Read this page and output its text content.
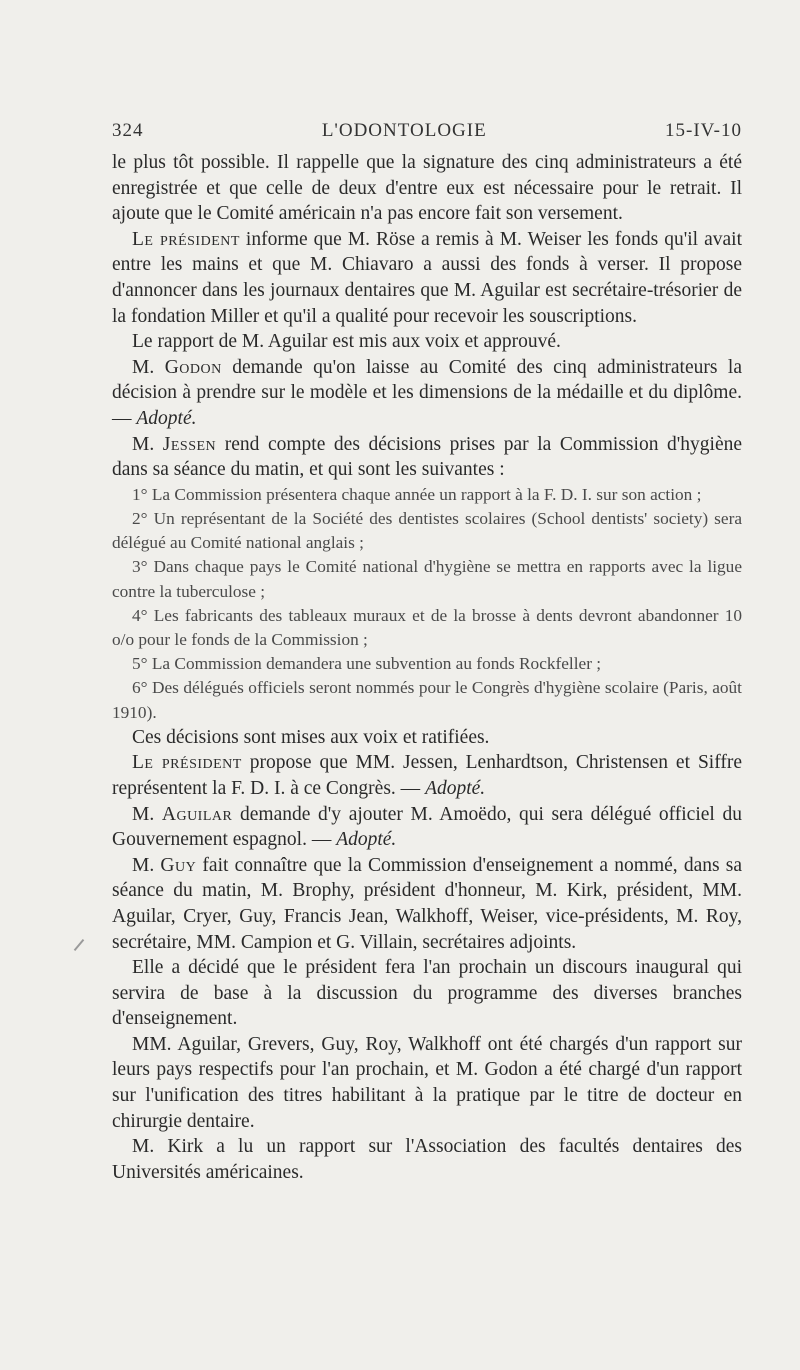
324	L'ODONTOLOGIE	15-IV-10

le plus tôt possible. Il rappelle que la signature des cinq administrateurs a été enregistrée et que celle de deux d'entre eux est nécessaire pour le retrait. Il ajoute que le Comité américain n'a pas encore fait son versement.

Le président informe que M. Röse a remis à M. Weiser les fonds qu'il avait entre les mains et que M. Chiavaro a aussi des fonds à verser. Il propose d'annoncer dans les journaux dentaires que M. Aguilar est secrétaire-trésorier de la fondation Miller et qu'il a qualité pour recevoir les souscriptions.

Le rapport de M. Aguilar est mis aux voix et approuvé.

M. Godon demande qu'on laisse au Comité des cinq administrateurs la décision à prendre sur le modèle et les dimensions de la médaille et du diplôme. — Adopté.

M. Jessen rend compte des décisions prises par la Commission d'hygiène dans sa séance du matin, et qui sont les suivantes :

1° La Commission présentera chaque année un rapport à la F. D. I. sur son action ;

2° Un représentant de la Société des dentistes scolaires (School dentists' society) sera délégué au Comité national anglais ;

3° Dans chaque pays le Comité national d'hygiène se mettra en rapports avec la ligue contre la tuberculose ;

4° Les fabricants des tableaux muraux et de la brosse à dents devront abandonner 10 o/o pour le fonds de la Commission ;

5° La Commission demandera une subvention au fonds Rockfeller ;

6° Des délégués officiels seront nommés pour le Congrès d'hygiène scolaire (Paris, août 1910).

Ces décisions sont mises aux voix et ratifiées.

Le président propose que MM. Jessen, Lenhardtson, Christensen et Siffre représentent la F. D. I. à ce Congrès. — Adopté.

M. Aguilar demande d'y ajouter M. Amoëdo, qui sera délégué officiel du Gouvernement espagnol. — Adopté.

M. Guy fait connaître que la Commission d'enseignement a nommé, dans sa séance du matin, M. Brophy, président d'honneur, M. Kirk, président, MM. Aguilar, Cryer, Guy, Francis Jean, Walkhoff, Weiser, vice-présidents, M. Roy, secrétaire, MM. Campion et G. Villain, secrétaires adjoints.

Elle a décidé que le président fera l'an prochain un discours inaugural qui servira de base à la discussion du programme des diverses branches d'enseignement.

MM. Aguilar, Grevers, Guy, Roy, Walkhoff ont été chargés d'un rapport sur leurs pays respectifs pour l'an prochain, et M. Godon a été chargé d'un rapport sur l'unification des titres habilitant à la pratique par le titre de docteur en chirurgie dentaire.

M. Kirk a lu un rapport sur l'Association des facultés dentaires des Universités américaines.
